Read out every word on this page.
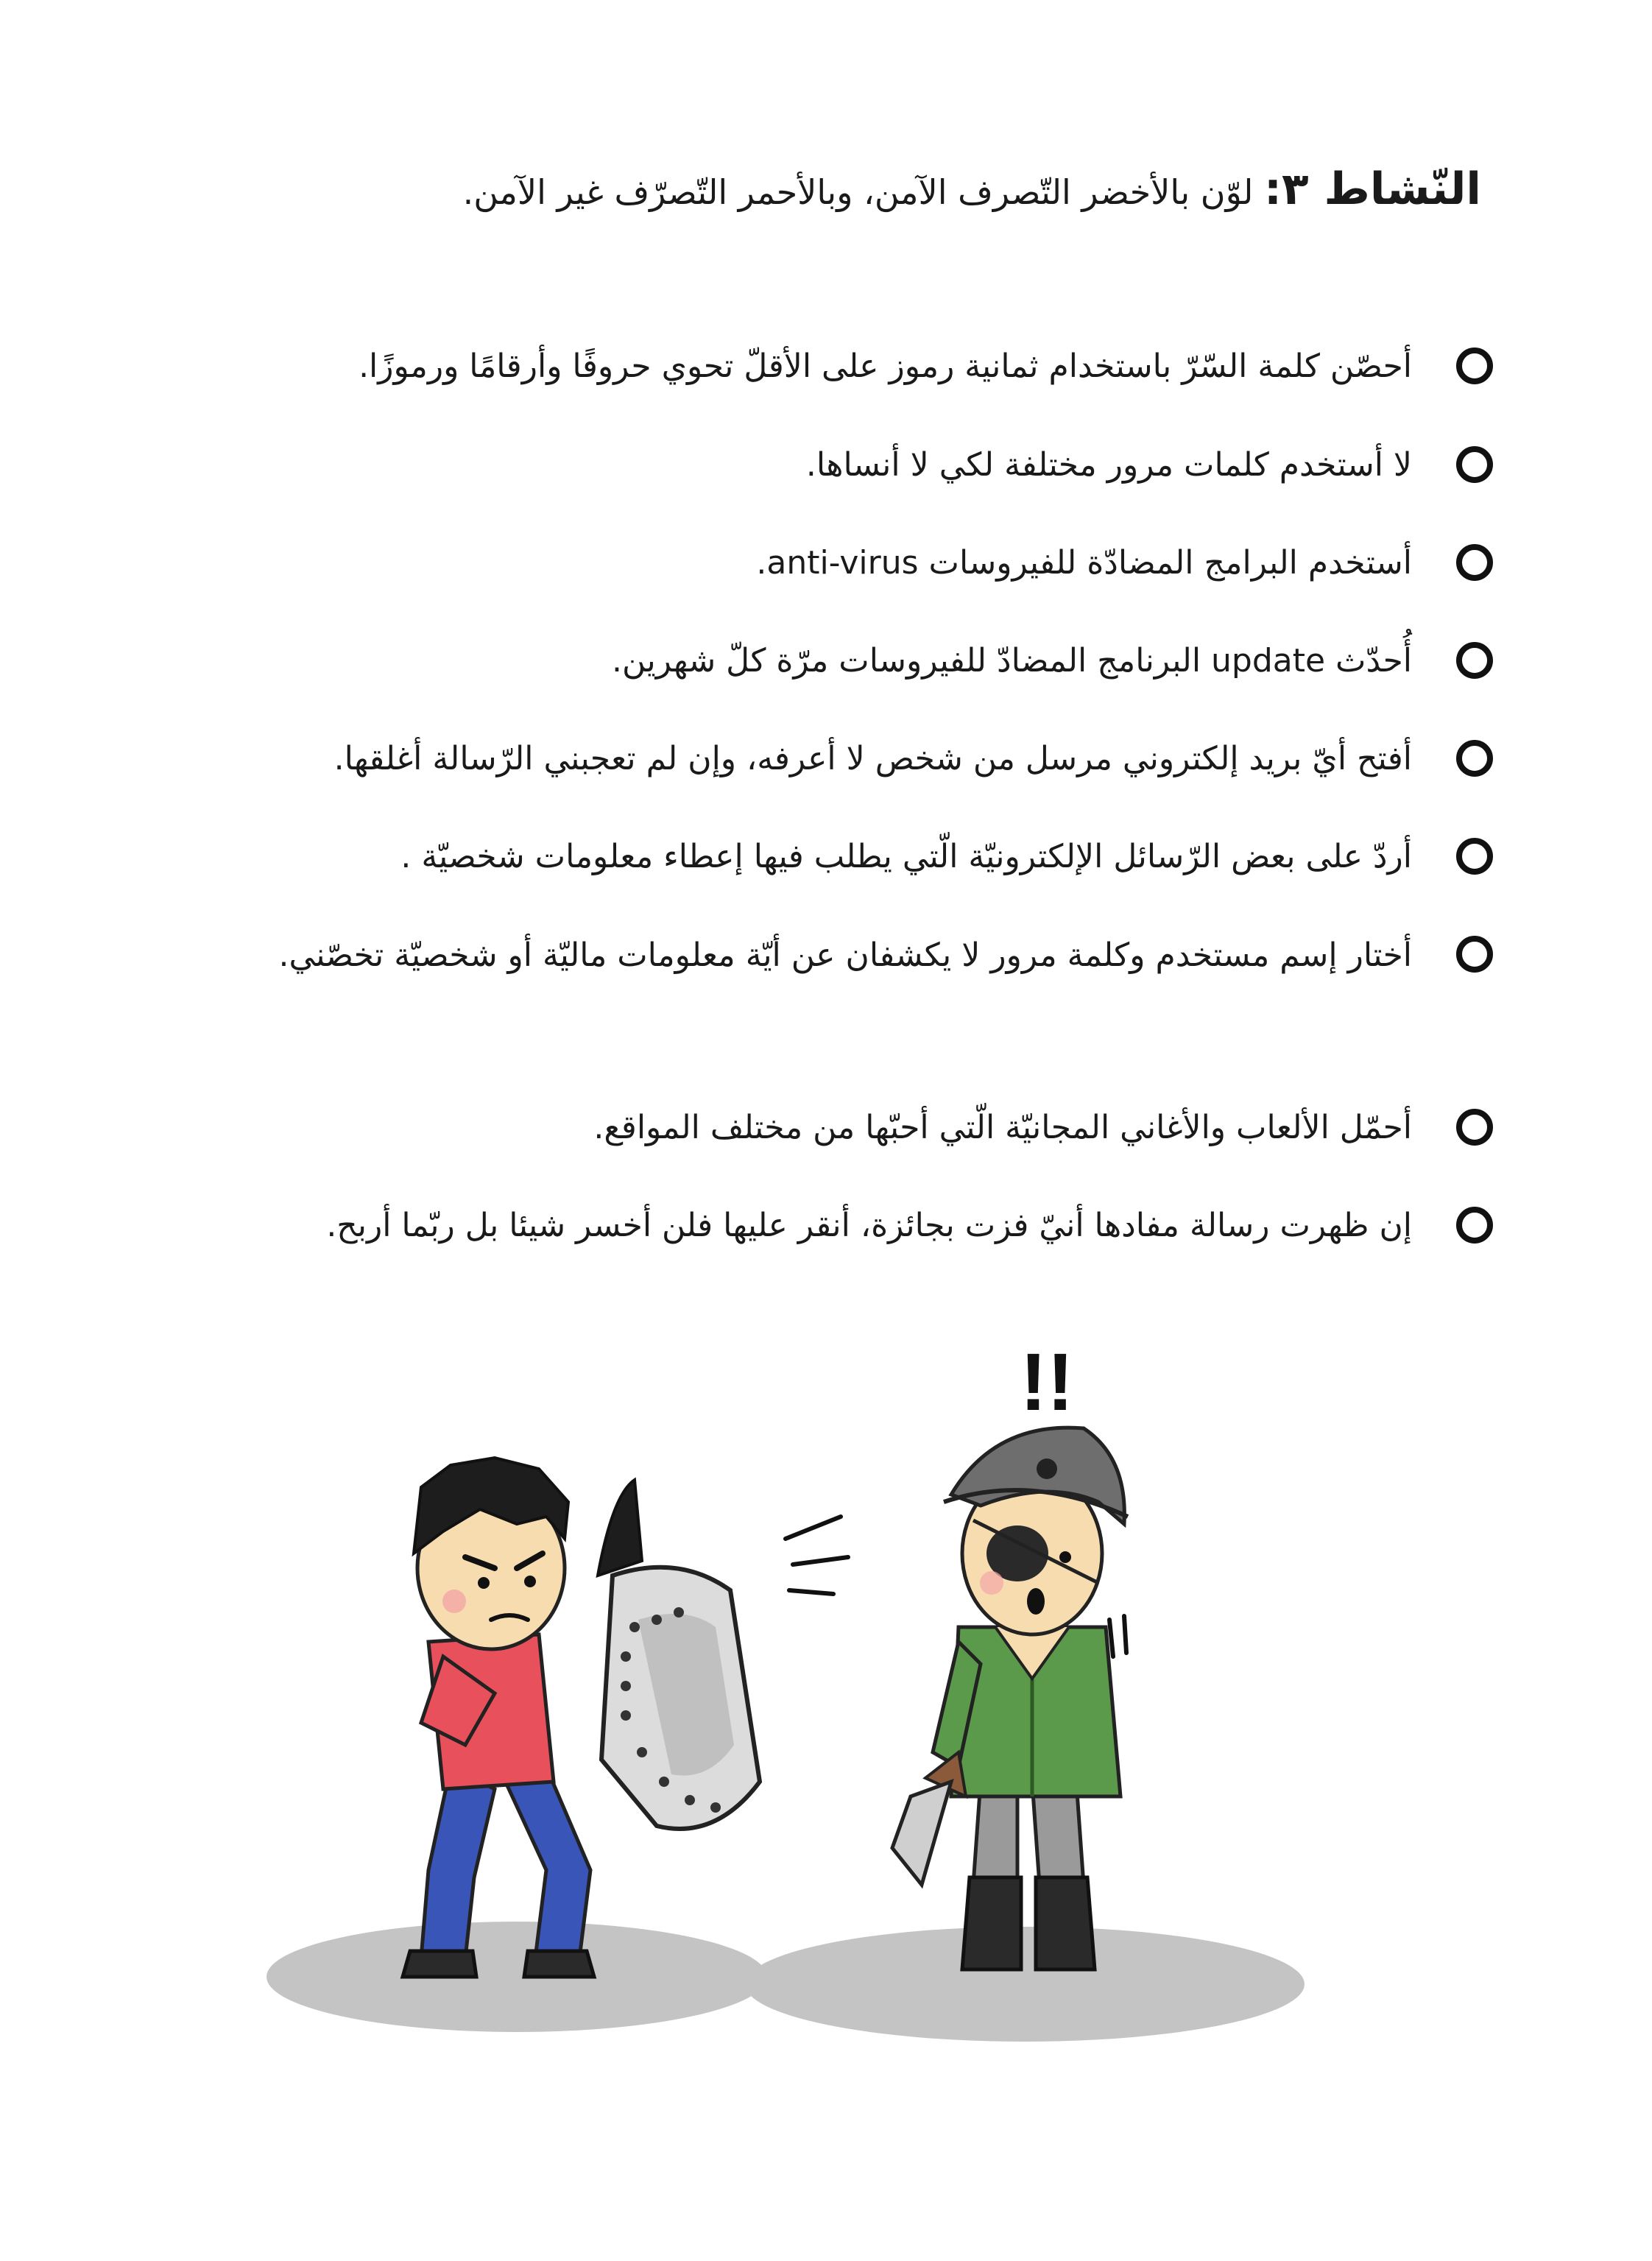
النّشاط ٣: لوّن بالأخضر التّصرف الآمن، وبالأحمر التّصرّف غير الآمن.
أحصّن كلمة السّرّ باستخدام ثمانية رموز على الأقلّ تحوي حروفًا وأرقامًا ورموزًا.
لا أستخدم كلمات مرور مختلفة لكي لا أنساها.
أستخدم البرامج المضادّة للفيروسات anti-virus.
أُحدّث update البرنامج المضادّ للفيروسات مرّة كلّ شهرين.
أفتح أيّ بريد إلكتروني مرسل من شخص لا أعرفه، وإن لم تعجبني الرّسالة أغلقها.
أردّ على بعض الرّسائل الإلكترونيّة الّتي يطلب فيها إعطاء معلومات شخصيّة .
أختار إسم مستخدم وكلمة مرور لا يكشفان عن أيّة معلومات ماليّة أو شخصيّة تخصّني.
أحمّل الألعاب والأغاني المجانيّة الّتي أحبّها من مختلف المواقع.
إن ظهرت رسالة مفادها أنيّ فزت بجائزة، أنقر عليها فلن أخسر شيئا بل ربّما أربح.
!!
